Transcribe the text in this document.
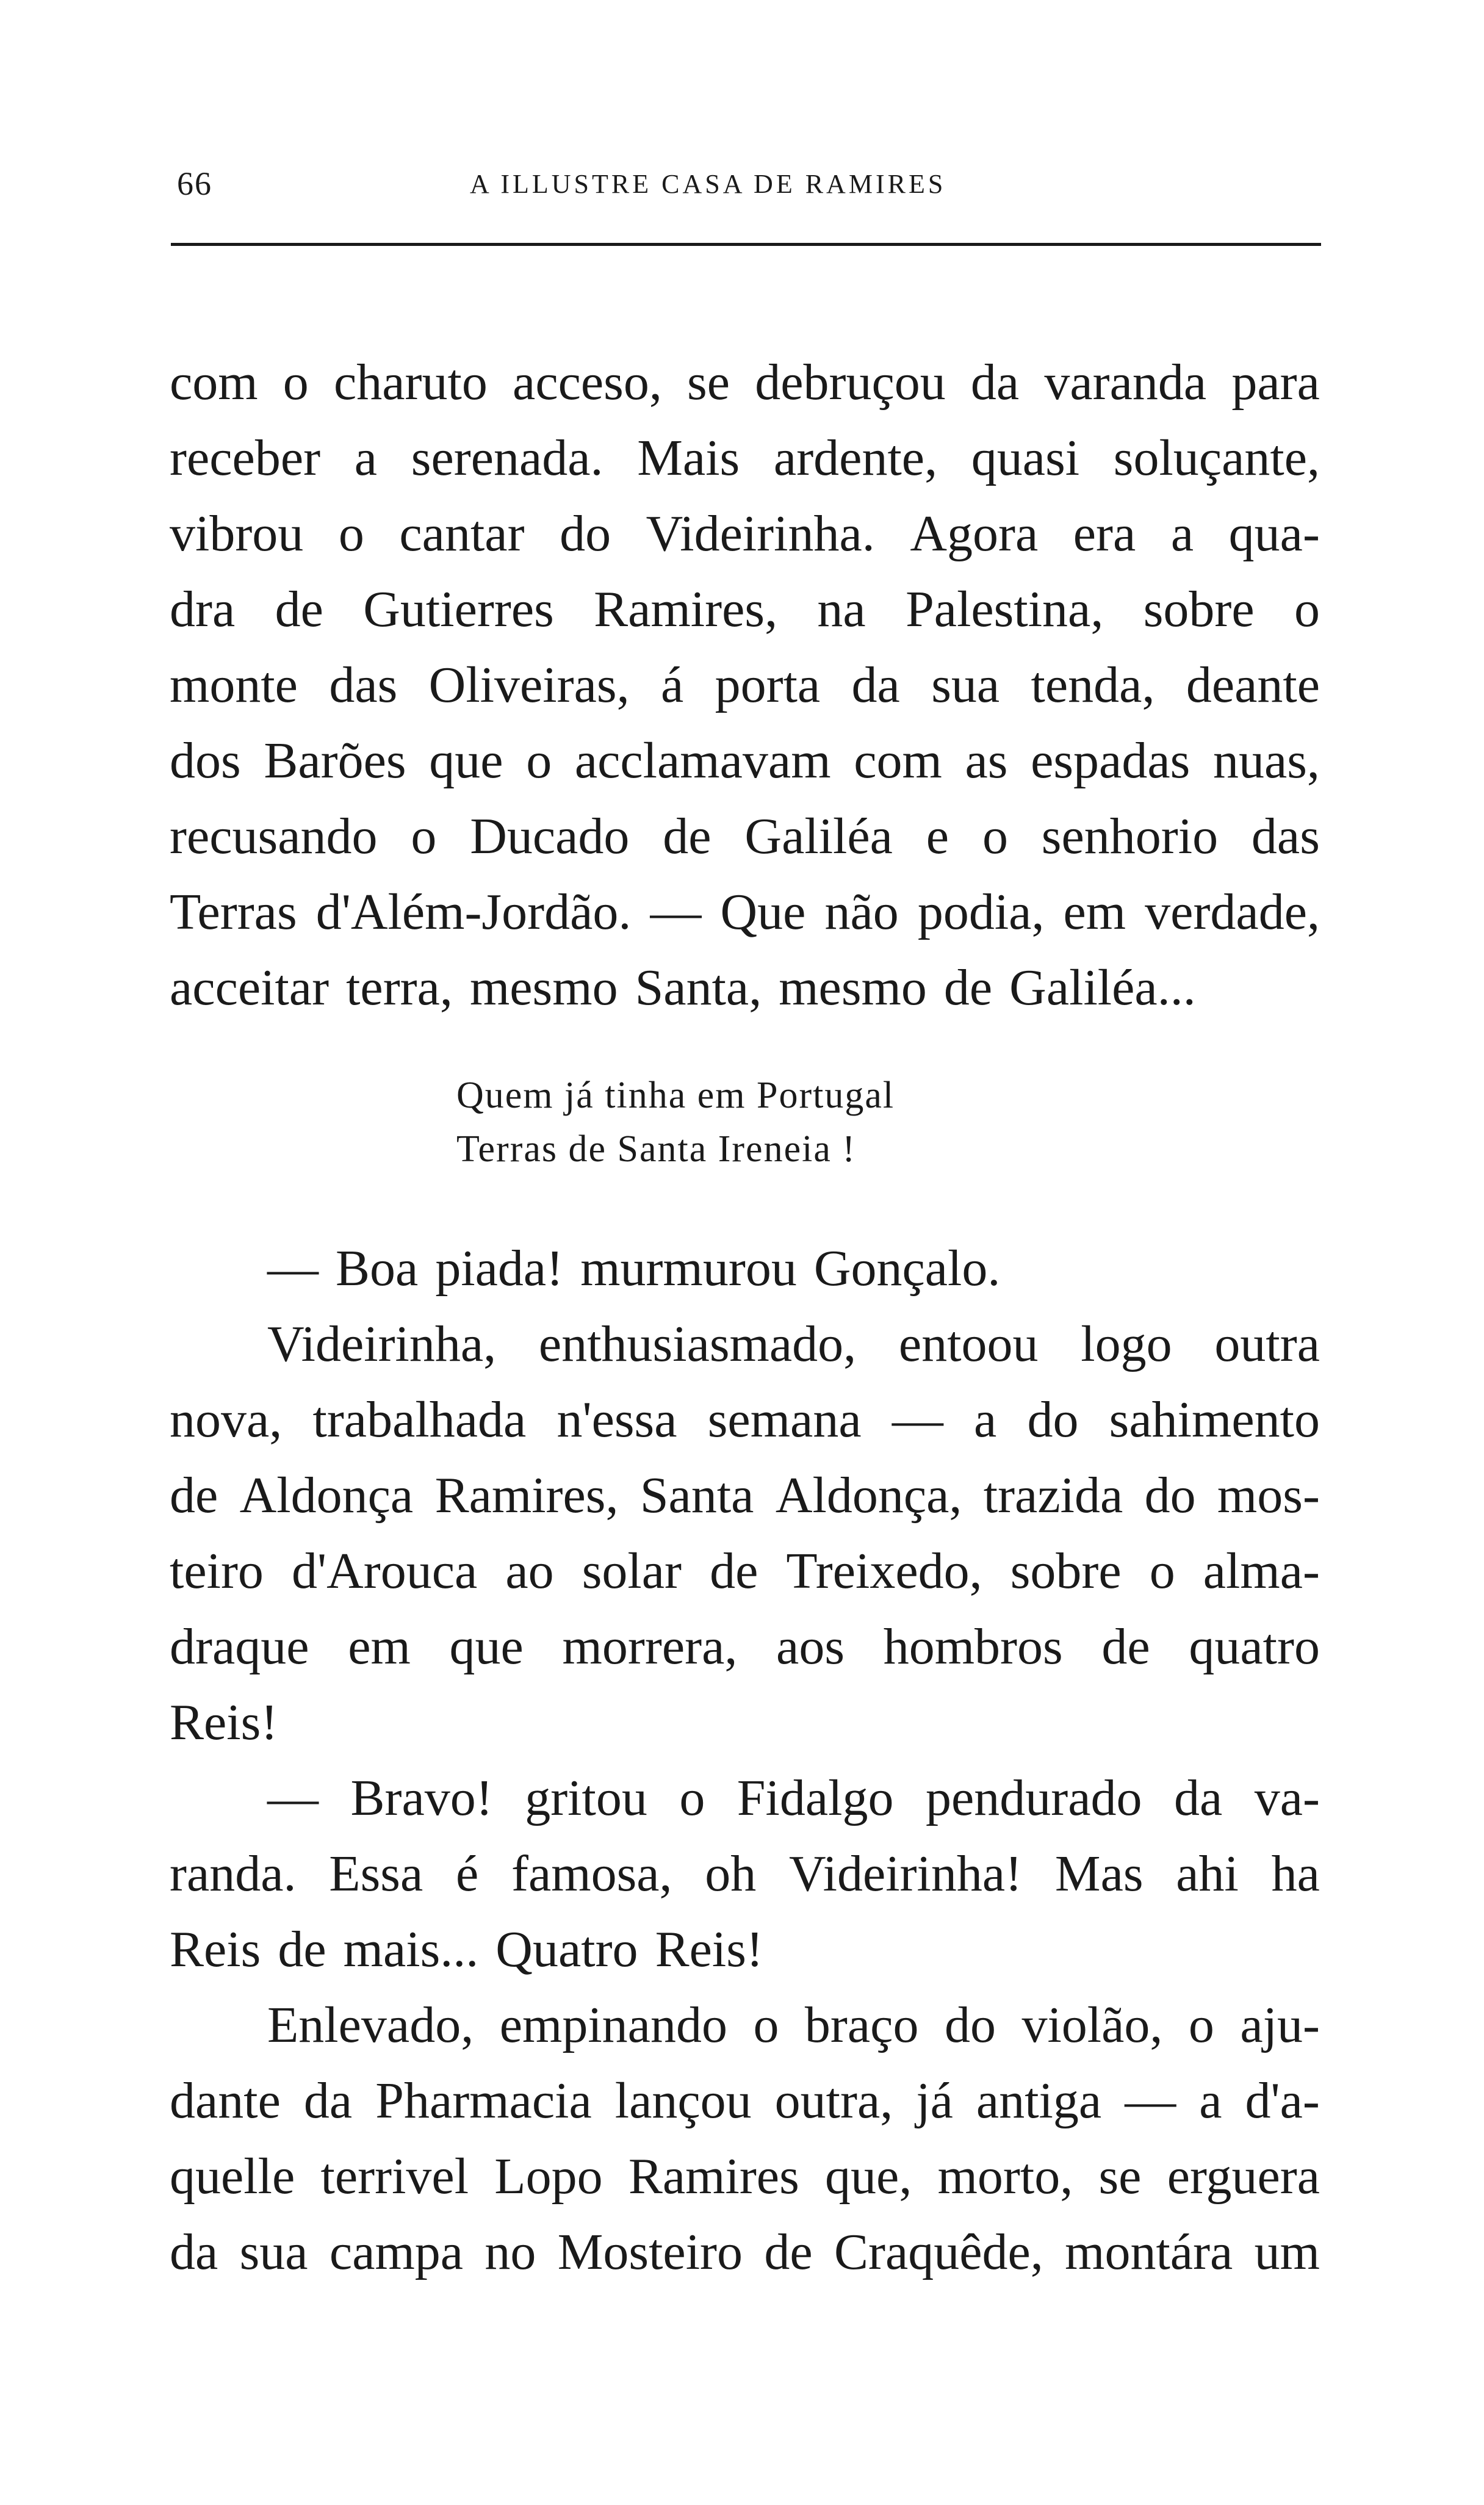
66	A ILLUSTRE CASA DE RAMIRES
com o charuto acceso, se debruçou da varanda para
receber a serenada. Mais ardente, quasi soluçante,
vibrou o cantar do Videirinha. Agora era a qua-
dra de Gutierres Ramires, na Palestina, sobre o
monte das Oliveiras, á porta da sua tenda, deante
dos Barões que o acclamavam com as espadas nuas,
recusando o Ducado de Galiléa e o senhorio das
Terras d'Além-Jordão. — Que não podia, em verdade,
acceitar terra, mesmo Santa, mesmo de Galiléa...
Quem já tinha em Portugal
Terras de Santa Ireneia !
— Boa piada! murmurou Gonçalo.
Videirinha, enthusiasmado, entoou logo outra
nova, trabalhada n'essa semana — a do sahimento
de Aldonça Ramires, Santa Aldonça, trazida do mos-
teiro d'Arouca ao solar de Treixedo, sobre o alma-
draque em que morrera, aos hombros de quatro
Reis!
— Bravo! gritou o Fidalgo pendurado da va-
randa. Essa é famosa, oh Videirinha! Mas ahi ha
Reis de mais... Quatro Reis!
Enlevado, empinando o braço do violão, o aju-
dante da Pharmacia lançou outra, já antiga — a d'a-
quelle terrivel Lopo Ramires que, morto, se erguera
da sua campa no Mosteiro de Craquêde, montára um
